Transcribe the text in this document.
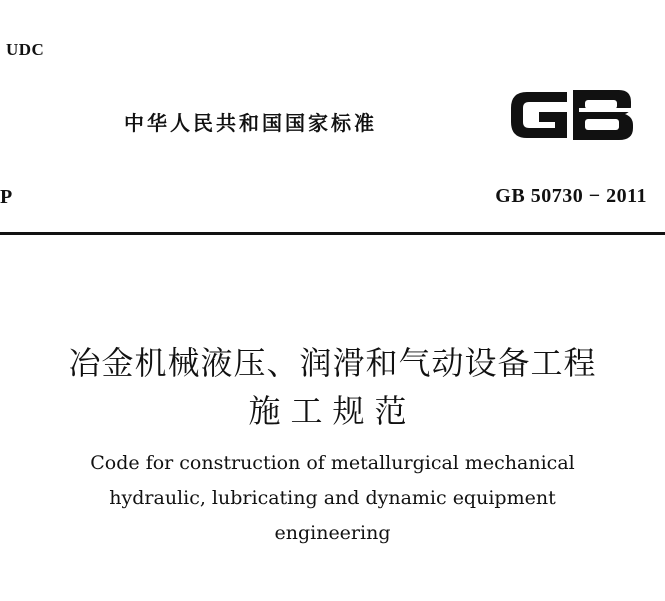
UDC
中华人民共和国国家标准
P	GB 50730 − 2011
冶金机械液压、润滑和气动设备工程
施工规范
Code for construction of metallurgical mechanical
hydraulic, lubricating and dynamic equipment
engineering
